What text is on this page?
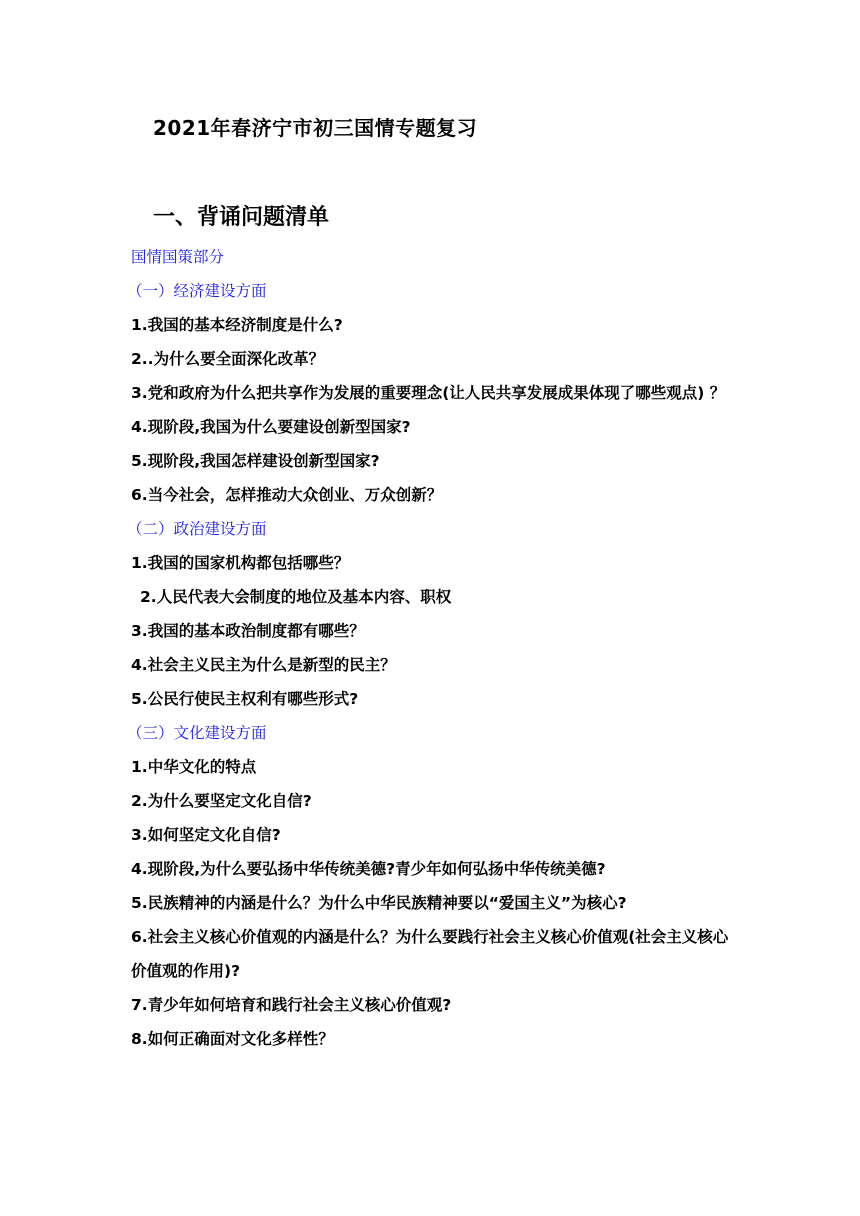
2021年春济宁市初三国情专题复习
一、背诵问题清单
国情国策部分
（一）经济建设方面
1.我国的基本经济制度是什么?
2..为什么要全面深化改革？
3.党和政府为什么把共享作为发展的重要理念(让人民共享发展成果体现了哪些观点) ？
4.现阶段,我国为什么要建设创新型国家?
5.现阶段,我国怎样建设创新型国家?
6.当今社会，怎样推动大众创业、万众创新？
（二）政治建设方面
1.我国的国家机构都包括哪些？
2.人民代表大会制度的地位及基本内容、职权
3.我国的基本政治制度都有哪些？
4.社会主义民主为什么是新型的民主？
5.公民行使民主权利有哪些形式?
（三）文化建设方面
1.中华文化的特点
2.为什么要坚定文化自信?
3.如何坚定文化自信?
4.现阶段,为什么要弘扬中华传统美德?青少年如何弘扬中华传统美德?
5.民族精神的内涵是什么？为什么中华民族精神要以“爱国主义”为核心?
6.社会主义核心价值观的内涵是什么？为什么要践行社会主义核心价值观(社会主义核心价值观的作用)?
7.青少年如何培育和践行社会主义核心价值观?
8.如何正确面对文化多样性？
